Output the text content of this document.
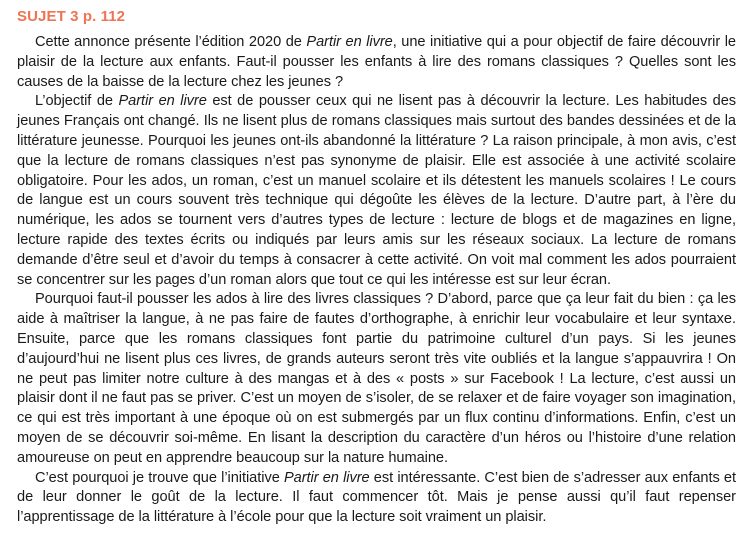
SUJET 3 p. 112

Cette annonce présente l’édition 2020 de Partir en livre, une initiative qui a pour objectif de faire découvrir le plaisir de la lecture aux enfants. Faut-il pousser les enfants à lire des romans classiques ? Quelles sont les causes de la baisse de la lecture chez les jeunes ?

L’objectif de Partir en livre est de pousser ceux qui ne lisent pas à découvrir la lecture. Les habitudes des jeunes Français ont changé. Ils ne lisent plus de romans classiques mais surtout des bandes dessinées et de la littérature jeunesse. Pourquoi les jeunes ont-ils abandonné la littérature ? La raison principale, à mon avis, c’est que la lecture de romans classiques n’est pas synonyme de plaisir. Elle est associée à une activité scolaire obligatoire. Pour les ados, un roman, c’est un manuel scolaire et ils détestent les manuels scolaires ! Le cours de langue est un cours souvent très technique qui dégoûte les élèves de la lecture. D’autre part, à l’ère du numérique, les ados se tournent vers d’autres types de lecture : lecture de blogs et de magazines en ligne, lecture rapide des textes écrits ou indiqués par leurs amis sur les réseaux sociaux. La lecture de romans demande d’être seul et d’avoir du temps à consacrer à cette activité. On voit mal comment les ados pourraient se concentrer sur les pages d’un roman alors que tout ce qui les intéresse est sur leur écran.

Pourquoi faut-il pousser les ados à lire des livres classiques ? D’abord, parce que ça leur fait du bien : ça les aide à maîtriser la langue, à ne pas faire de fautes d’orthographe, à enrichir leur vocabulaire et leur syntaxe. Ensuite, parce que les romans classiques font partie du patrimoine culturel d’un pays. Si les jeunes d’aujourd’hui ne lisent plus ces livres, de grands auteurs seront très vite oubliés et la langue s’appauvrira ! On ne peut pas limiter notre culture à des mangas et à des « posts » sur Facebook ! La lecture, c’est aussi un plaisir dont il ne faut pas se priver. C’est un moyen de s’isoler, de se relaxer et de faire voyager son imagination, ce qui est très important à une époque où on est submergés par un flux continu d’informations. Enfin, c’est un moyen de se découvrir soi-même. En lisant la description du caractère d’un héros ou l’histoire d’une relation amoureuse on peut en apprendre beaucoup sur la nature humaine.

C’est pourquoi je trouve que l’initiative Partir en livre est intéressante. C’est bien de s’adresser aux enfants et de leur donner le goût de la lecture. Il faut commencer tôt. Mais je pense aussi qu’il faut repenser l’apprentissage de la littérature à l’école pour que la lecture soit vraiment un plaisir.
